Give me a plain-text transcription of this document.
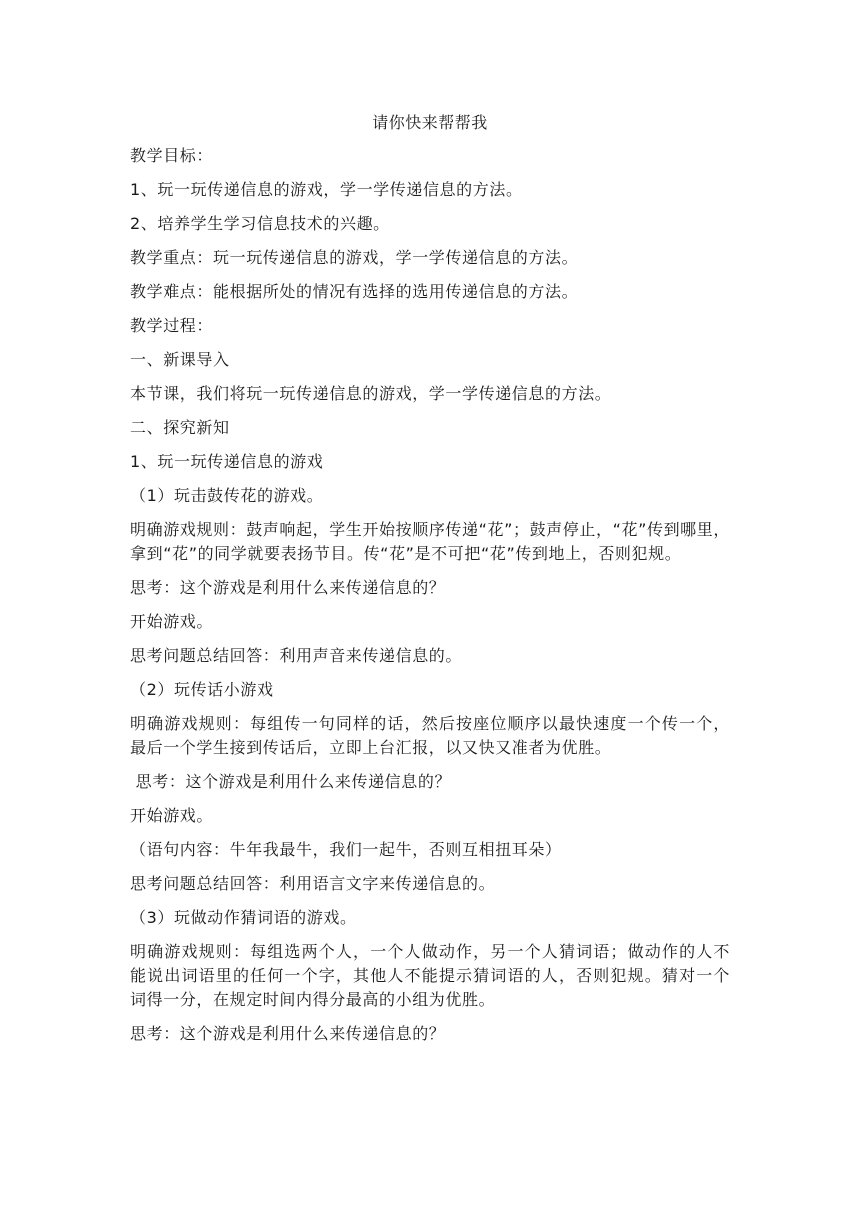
请你快来帮帮我
教学目标：
1、玩一玩传递信息的游戏，学一学传递信息的方法。
2、培养学生学习信息技术的兴趣。
教学重点：玩一玩传递信息的游戏，学一学传递信息的方法。
教学难点：能根据所处的情况有选择的选用传递信息的方法。
教学过程：
一、新课导入
本节课，我们将玩一玩传递信息的游戏，学一学传递信息的方法。
二、探究新知
1、玩一玩传递信息的游戏
（1）玩击鼓传花的游戏。
明确游戏规则：鼓声响起，学生开始按顺序传递“花”；鼓声停止，“花”传到哪里，
拿到“花”的同学就要表扬节目。传“花”是不可把“花”传到地上，否则犯规。
思考：这个游戏是利用什么来传递信息的？
开始游戏。
思考问题总结回答：利用声音来传递信息的。
（2）玩传话小游戏
明确游戏规则：每组传一句同样的话，然后按座位顺序以最快速度一个传一个，
最后一个学生接到传话后，立即上台汇报，以又快又准者为优胜。
思考：这个游戏是利用什么来传递信息的？
开始游戏。
（语句内容：牛年我最牛，我们一起牛，否则互相扭耳朵）
思考问题总结回答：利用语言文字来传递信息的。
（3）玩做动作猜词语的游戏。
明确游戏规则：每组选两个人，一个人做动作，另一个人猜词语；做动作的人不
能说出词语里的任何一个字，其他人不能提示猜词语的人，否则犯规。猜对一个
词得一分，在规定时间内得分最高的小组为优胜。
思考：这个游戏是利用什么来传递信息的？
